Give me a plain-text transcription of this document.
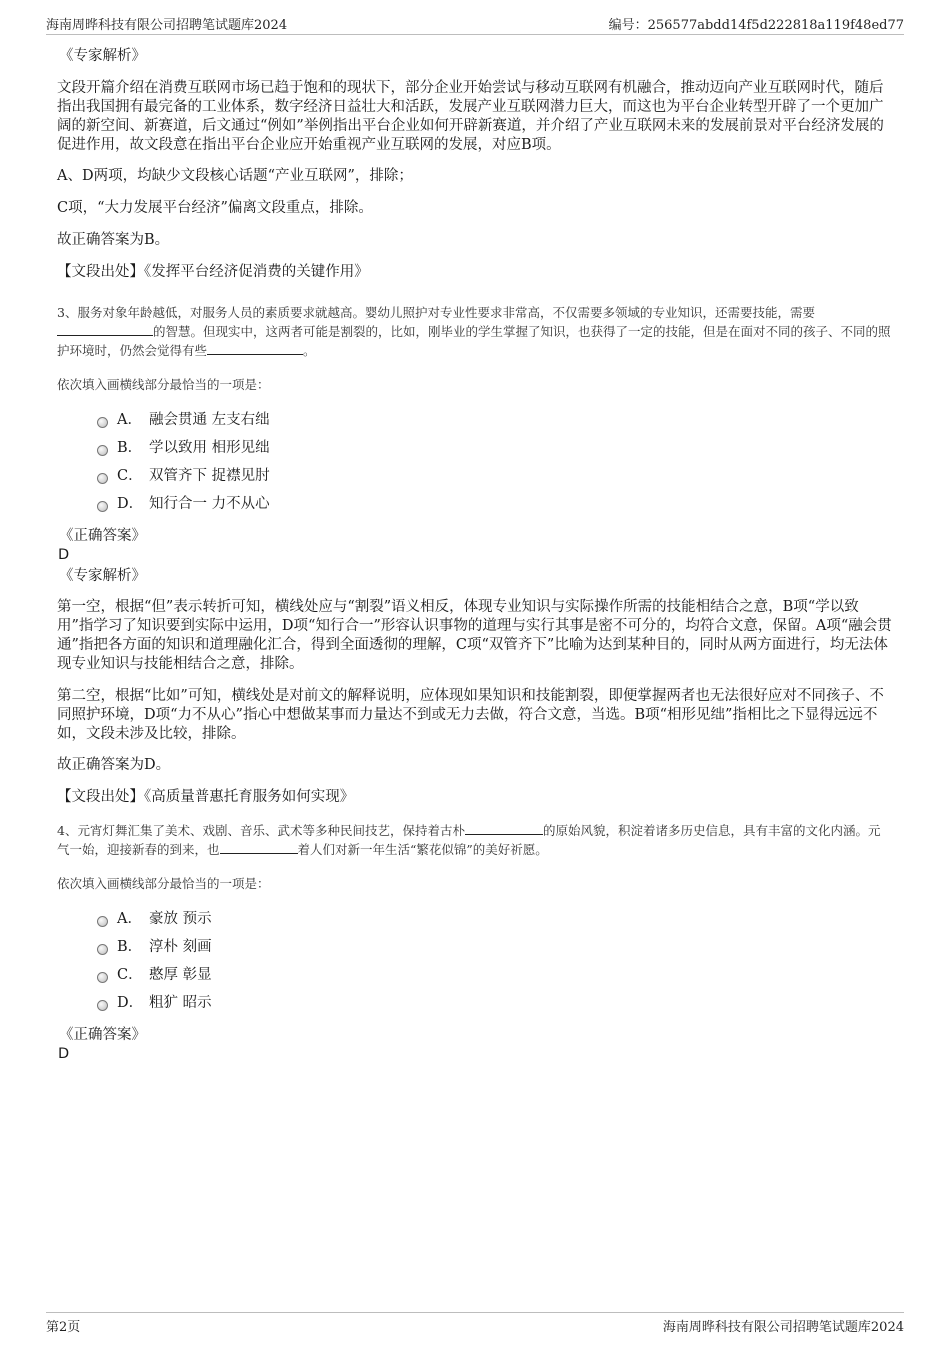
海南周晔科技有限公司招聘笔试题库2024	编号：256577abdd14f5d222818a119f48ed77
《专家解析》

文段开篇介绍在消费互联网市场已趋于饱和的现状下，部分企业开始尝试与移动互联网有机融合，推动迈向产业互联网时代，随后指出我国拥有最完备的工业体系，数字经济日益壮大和活跃，发展产业互联网潜力巨大，而这也为平台企业转型开辟了一个更加广阔的新空间、新赛道，后文通过“例如”举例指出平台企业如何开辟新赛道，并介绍了产业互联网未来的发展前景对平台经济发展的促进作用，故文段意在指出平台企业应开始重视产业互联网的发展，对应B项。

A、D两项，均缺少文段核心话题“产业互联网”，排除；

C项，“大力发展平台经济”偏离文段重点，排除。

故正确答案为B。

【文段出处】《发挥平台经济促消费的关键作用》

3、服务对象年龄越低，对服务人员的素质要求就越高。婴幼儿照护对专业性要求非常高，不仅需要多领域的专业知识，还需要技能，需要的智慧。但现实中，这两者可能是割裂的，比如，刚毕业的学生掌握了知识，也获得了一定的技能，但是在面对不同的孩子、不同的照护环境时，仍然会觉得有些	。

依次填入画横线部分最恰当的一项是：

A． 融会贯通 左支右绌
B． 学以致用 相形见绌
C． 双管齐下 捉襟见肘
D． 知行合一 力不从心
《正确答案》
D
《专家解析》

第一空，根据“但”表示转折可知，横线处应与“割裂”语义相反，体现专业知识与实际操作所需的技能相结合之意，B项“学以致用”指学习了知识要到实际中运用，D项“知行合一”形容认识事物的道理与实行其事是密不可分的，均符合文意，保留。A项“融会贯通”指把各方面的知识和道理融化汇合，得到全面透彻的理解，C项“双管齐下”比喻为达到某种目的，同时从两方面进行，均无法体现专业知识与技能相结合之意，排除。

第二空，根据“比如”可知，横线处是对前文的解释说明，应体现如果知识和技能割裂，即便掌握两者也无法很好应对不同孩子、不同照护环境，D项“力不从心”指心中想做某事而力量达不到或无力去做，符合文意，当选。B项“相形见绌”指相比之下显得远远不如，文段未涉及比较，排除。

故正确答案为D。

【文段出处】《高质量普惠托育服务如何实现》

4、元宵灯舞汇集了美术、戏剧、音乐、武术等多种民间技艺，保持着古朴	的原始风貌，积淀着诸多历史信息，具有丰富的文化内涵。元气一始，迎接新春的到来，也	着人们对新一年生活“繁花似锦”的美好祈愿。

依次填入画横线部分最恰当的一项是：

A． 豪放 预示
B． 淳朴 刻画
C． 憨厚 彰显
D． 粗犷 昭示
《正确答案》
D
第2页	海南周晔科技有限公司招聘笔试题库2024
